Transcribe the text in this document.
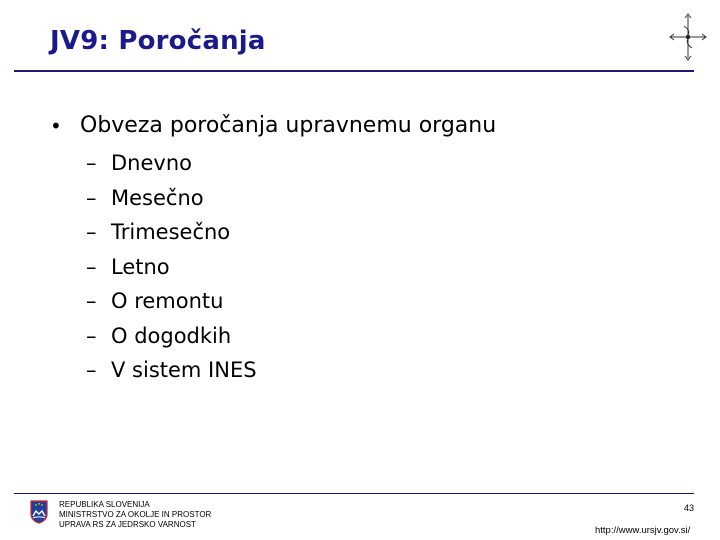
JV9: Poročanja
• Obveza poročanja upravnemu organu
– Dnevno
– Mesečno
– Trimesečno
– Letno
– O remontu
– O dogodkih
– V sistem INES
REPUBLIKA SLOVENIJA
MINISTRSTVO ZA OKOLJE IN PROSTOR
UPRAVA RS ZA JEDRSKO VARNOST
43
http://www.ursjv.gov.si/
